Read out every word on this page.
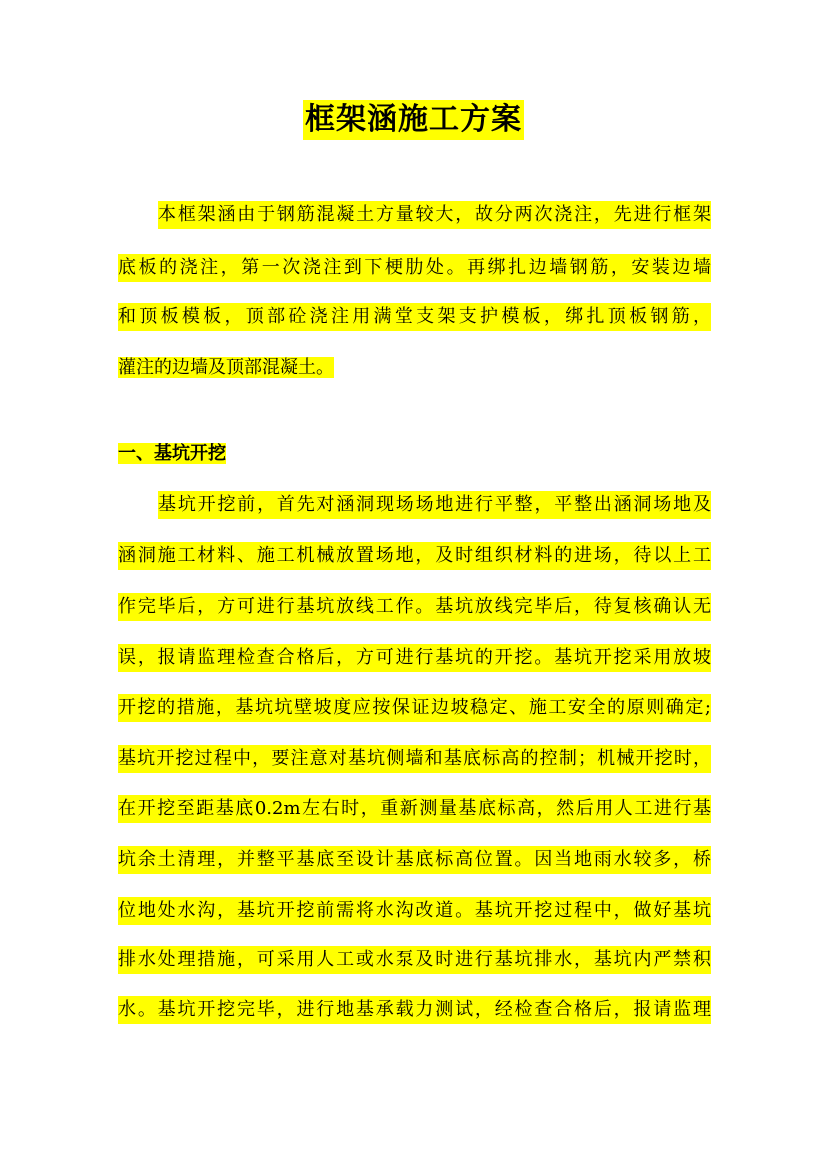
框架涵施工方案
本框架涵由于钢筋混凝土方量较大，故分两次浇注，先进行框架
底板的浇注，第一次浇注到下梗肋处。再绑扎边墙钢筋，安装边墙
和顶板模板，顶部砼浇注用满堂支架支护模板，绑扎顶板钢筋，
灌注的边墙及顶部混凝土。
一、基坑开挖
基坑开挖前，首先对涵洞现场场地进行平整，平整出涵洞场地及
涵洞施工材料、施工机械放置场地，及时组织材料的进场，待以上工
作完毕后，方可进行基坑放线工作。基坑放线完毕后，待复核确认无
误，报请监理检查合格后，方可进行基坑的开挖。基坑开挖采用放坡
开挖的措施，基坑坑壁坡度应按保证边坡稳定、施工安全的原则确定;
基坑开挖过程中，要注意对基坑侧墙和基底标高的控制；机械开挖时，
在开挖至距基底0.2m左右时，重新测量基底标高，然后用人工进行基
坑余土清理，并整平基底至设计基底标高位置。因当地雨水较多，桥
位地处水沟，基坑开挖前需将水沟改道。基坑开挖过程中，做好基坑
排水处理措施，可采用人工或水泵及时进行基坑排水，基坑内严禁积
水。基坑开挖完毕，进行地基承载力测试，经检查合格后，报请监理
